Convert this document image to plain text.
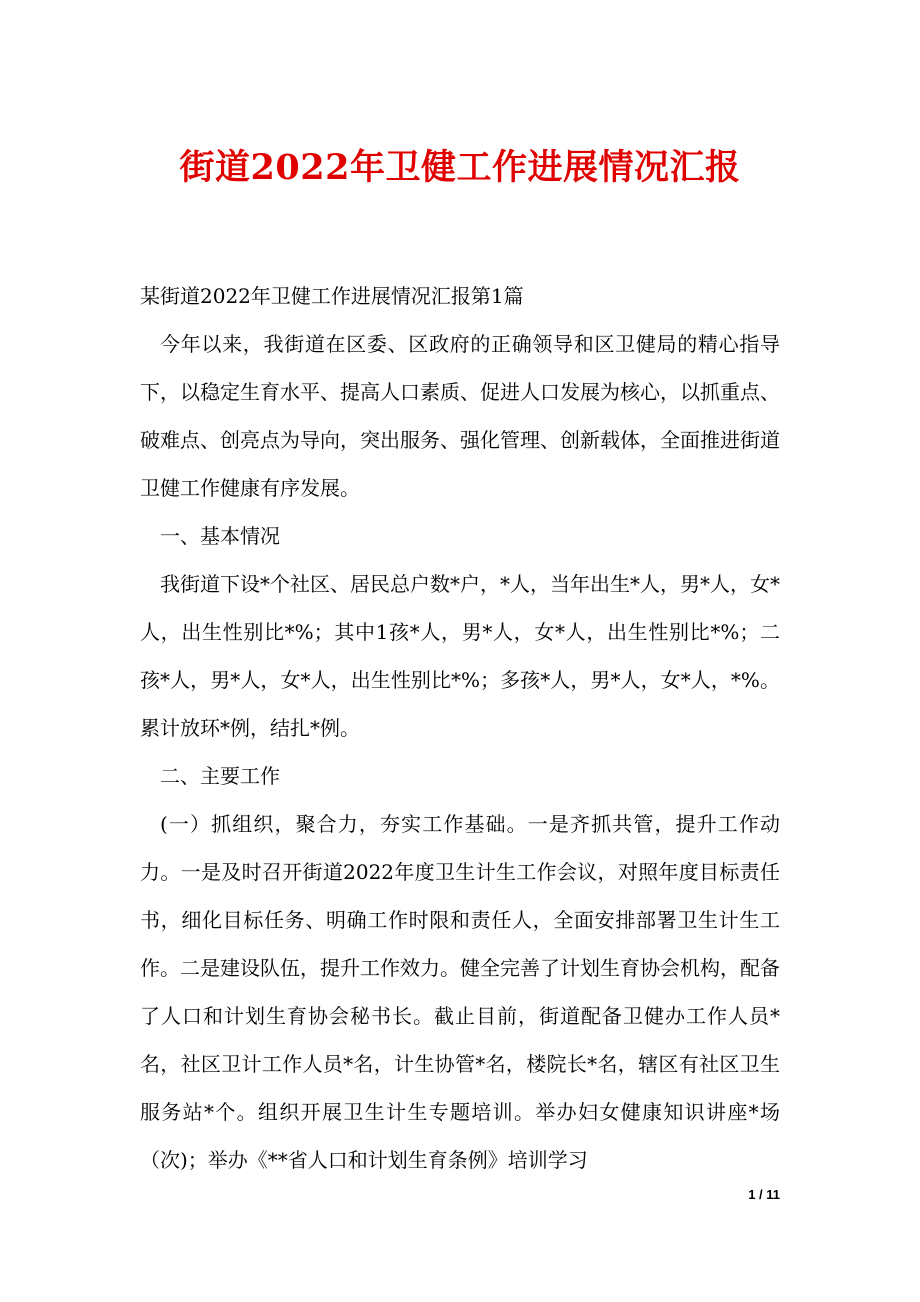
街道2022年卫健工作进展情况汇报

某街道2022年卫健工作进展情况汇报第1篇

今年以来，我街道在区委、区政府的正确领导和区卫健局的精心指导下，以稳定生育水平、提高人口素质、促进人口发展为核心，以抓重点、破难点、创亮点为导向，突出服务、强化管理、创新载体，全面推进街道卫健工作健康有序发展。

一、基本情况

我街道下设*个社区、居民总户数*户，*人，当年出生*人，男*人，女*人，出生性别比*%；其中1孩*人，男*人，女*人，出生性别比*%；二孩*人，男*人，女*人，出生性别比*%；多孩*人，男*人，女*人，*%。累计放环*例，结扎*例。

二、主要工作

(一）抓组织，聚合力，夯实工作基础。一是齐抓共管，提升工作动力。一是及时召开街道2022年度卫生计生工作会议，对照年度目标责任书，细化目标任务、明确工作时限和责任人，全面安排部署卫生计生工作。二是建设队伍，提升工作效力。健全完善了计划生育协会机构，配备了人口和计划生育协会秘书长。截止目前，街道配备卫健办工作人员*名，社区卫计工作人员*名，计生协管*名，楼院长*名，辖区有社区卫生服务站*个。组织开展卫生计生专题培训。举办妇女健康知识讲座*场（次)；举办《**省人口和计划生育条例》培训学习

1 / 11
